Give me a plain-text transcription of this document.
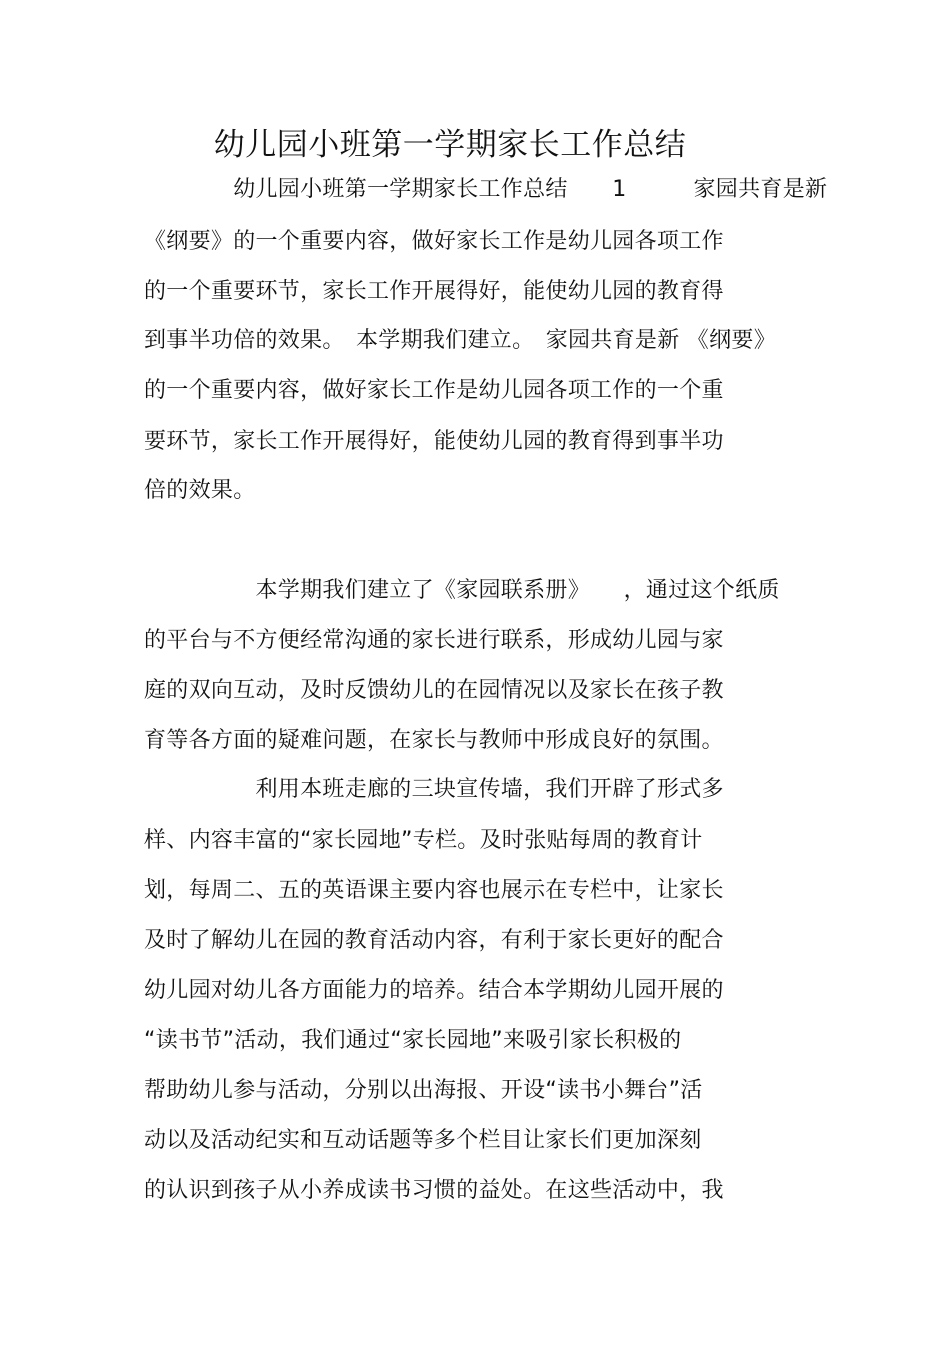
幼儿园小班第一学期家长工作总结
　　　　幼儿园小班第一学期家长工作总结　　1　　　家园共育是新
《纲要》的一个重要内容，做好家长工作是幼儿园各项工作
的一个重要环节，家长工作开展得好，能使幼儿园的教育得
到事半功倍的效果。　本学期我们建立。　家园共育是新 《纲要》
的一个重要内容，做好家长工作是幼儿园各项工作的一个重
要环节，家长工作开展得好，能使幼儿园的教育得到事半功
倍的效果。
　　　　　本学期我们建立了《家园联系册》　　，通过这个纸质
的平台与不方便经常沟通的家长进行联系，形成幼儿园与家
庭的双向互动，及时反馈幼儿的在园情况以及家长在孩子教
育等各方面的疑难问题，在家长与教师中形成良好的氛围。
　　　　　利用本班走廊的三块宣传墙，我们开辟了形式多
样、内容丰富的“家长园地”专栏。及时张贴每周的教育计
划，每周二、五的英语课主要内容也展示在专栏中，让家长
及时了解幼儿在园的教育活动内容，有利于家长更好的配合
幼儿园对幼儿各方面能力的培养。结合本学期幼儿园开展的
“读书节”活动，我们通过“家长园地”来吸引家长积极的
帮助幼儿参与活动，分别以出海报、开设“读书小舞台”活
动以及活动纪实和互动话题等多个栏目让家长们更加深刻
的认识到孩子从小养成读书习惯的益处。在这些活动中，我
